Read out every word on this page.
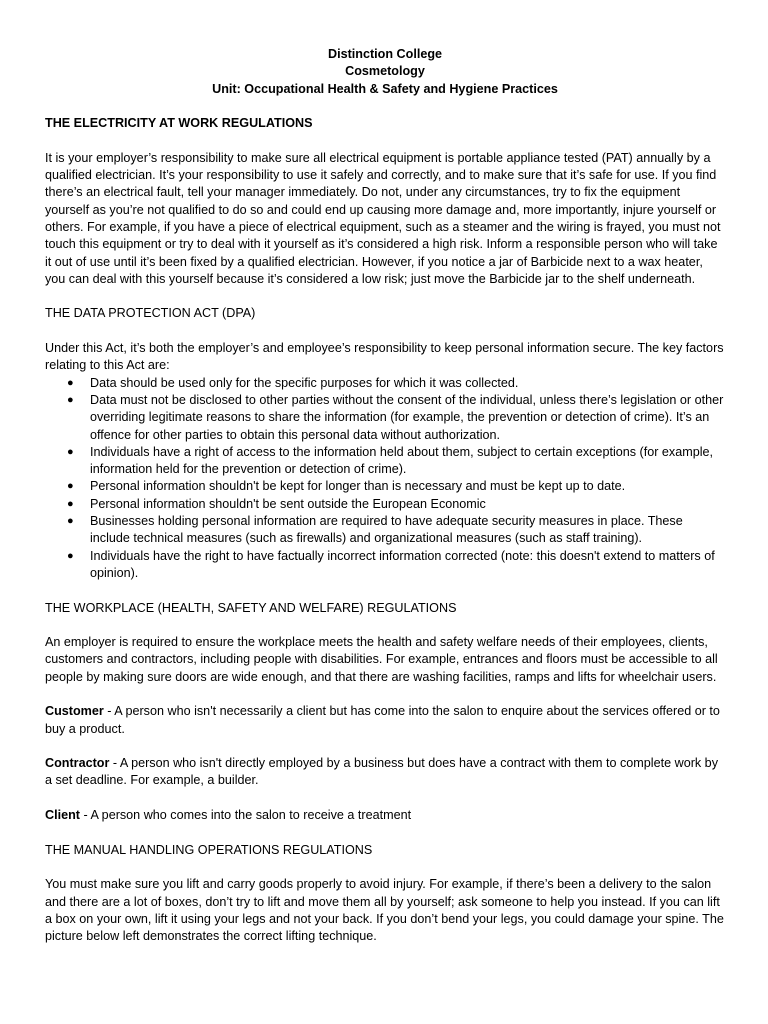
Distinction College
Cosmetology
Unit: Occupational Health & Safety and Hygiene Practices
THE ELECTRICITY AT WORK REGULATIONS

It is your employer’s responsibility to make sure all electrical equipment is portable appliance tested (PAT) annually by a qualified electrician. It’s your responsibility to use it safely and correctly, and to make sure that it’s safe for use. If you find there’s an electrical fault, tell your manager immediately. Do not, under any circumstances, try to fix the equipment yourself as you’re not qualified to do so and could end up causing more damage and, more importantly, injure yourself or others. For example, if you have a piece of electrical equipment, such as a steamer and the wiring is frayed, you must not touch this equipment or try to deal with it yourself as it’s considered a high risk. Inform a responsible person who will take it out of use until it’s been fixed by a qualified electrician. However, if you notice a jar of Barbicide next to a wax heater, you can deal with this yourself because it’s considered a low risk; just move the Barbicide jar to the shelf underneath.

THE DATA PROTECTION ACT (DPA)

Under this Act, it’s both the employer’s and employee’s responsibility to keep personal information secure. The key factors relating to this Act are:

● Data should be used only for the specific purposes for which it was collected.
● Data must not be disclosed to other parties without the consent of the individual, unless there’s legislation or other overriding legitimate reasons to share the information (for example, the prevention or detection of crime). It’s an offence for other parties to obtain this personal data without authorization.
● Individuals have a right of access to the information held about them, subject to certain exceptions (for example, information held for the prevention or detection of crime).
● Personal information shouldn't be kept for longer than is necessary and must be kept up to date.
● Personal information shouldn't be sent outside the European Economic
● Businesses holding personal information are required to have adequate security measures in place. These include technical measures (such as firewalls) and organizational measures (such as staff training).
● Individuals have the right to have factually incorrect information corrected (note: this doesn't extend to matters of opinion).

THE WORKPLACE (HEALTH, SAFETY AND WELFARE) REGULATIONS

An employer is required to ensure the workplace meets the health and safety welfare needs of their employees, clients, customers and contractors, including people with disabilities. For example, entrances and floors must be accessible to all people by making sure doors are wide enough, and that there are washing facilities, ramps and lifts for wheelchair users.

Customer - A person who isn't necessarily a client but has come into the salon to enquire about the services offered or to buy a product.

Contractor - A person who isn't directly employed by a business but does have a contract with them to complete work by a set deadline. For example, a builder.

Client - A person who comes into the salon to receive a treatment

THE MANUAL HANDLING OPERATIONS REGULATIONS

You must make sure you lift and carry goods properly to avoid injury. For example, if there’s been a delivery to the salon and there are a lot of boxes, don’t try to lift and move them all by yourself; ask someone to help you instead. If you can lift a box on your own, lift it using your legs and not your back. If you don’t bend your legs, you could damage your spine. The picture below left demonstrates the correct lifting technique.
